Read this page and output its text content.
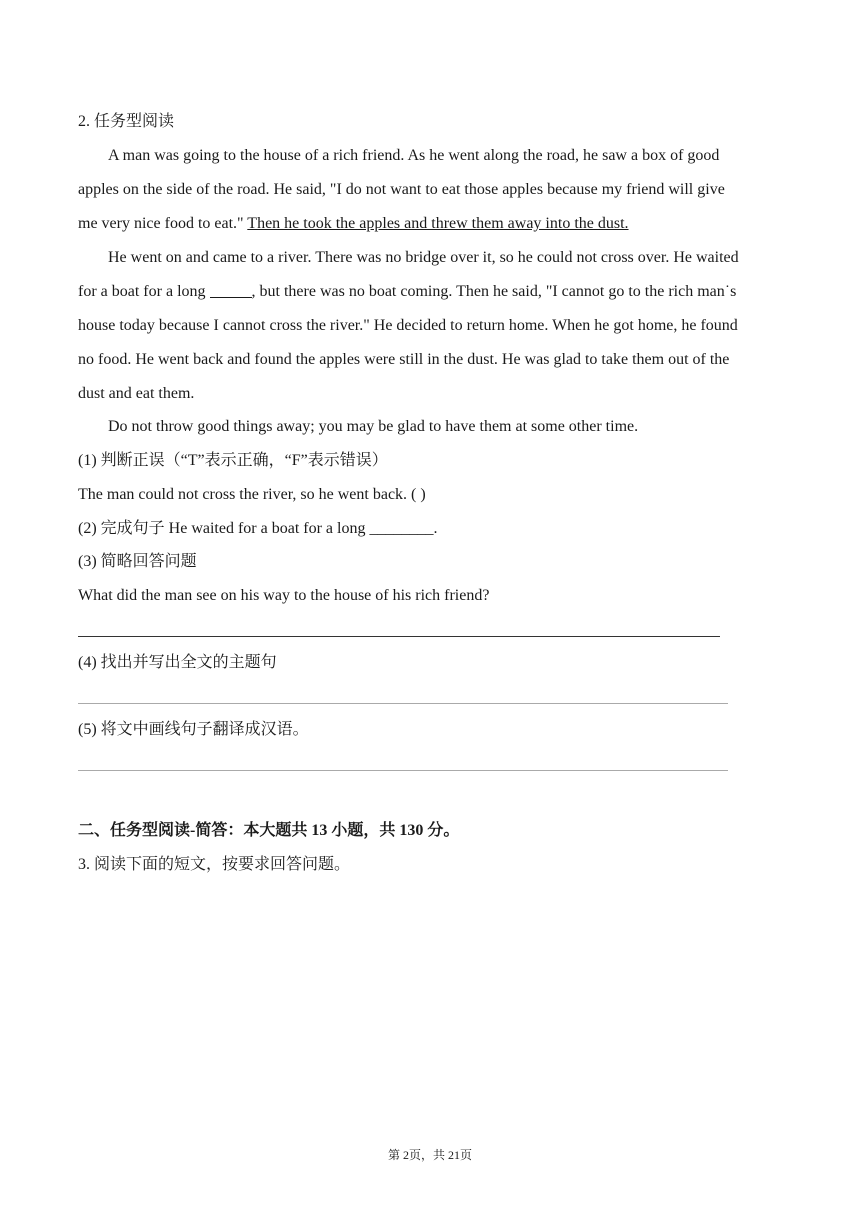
2. 任务型阅读
A man was going to the house of a rich friend. As he went along the road, he saw a box of good
apples on the side of the road. He said, "I do not want to eat those apples because my friend will give
me very nice food to eat." Then he took the apples and threw them away into the dust.
He went on and came to a river. There was no bridge over it, so he could not cross over. He waited
for a boat for a long	, but there was no boat coming. Then he said, "I cannot go to the rich man˙s
house today because I cannot cross the river." He decided to return home. When he got home, he found
no food. He went back and found the apples were still in the dust. He was glad to take them out of the
dust and eat them.
Do not throw good things away; you may be glad to have them at some other time.
(1) 判断正误（“T”表示正确，“F”表示错误）
The man could not cross the river, so he went back. ( )
(2) 完成句子 He waited for a boat for a long ________.
(3) 简略回答问题
What did the man see on his way to the house of his rich friend?
(4) 找出并写出全文的主题句
(5) 将文中画线句子翻译成汉语。
二、任务型阅读-简答：本大题共 13 小题，共 130 分。
3. 阅读下面的短文，按要求回答问题。
第 2页，共 21页
